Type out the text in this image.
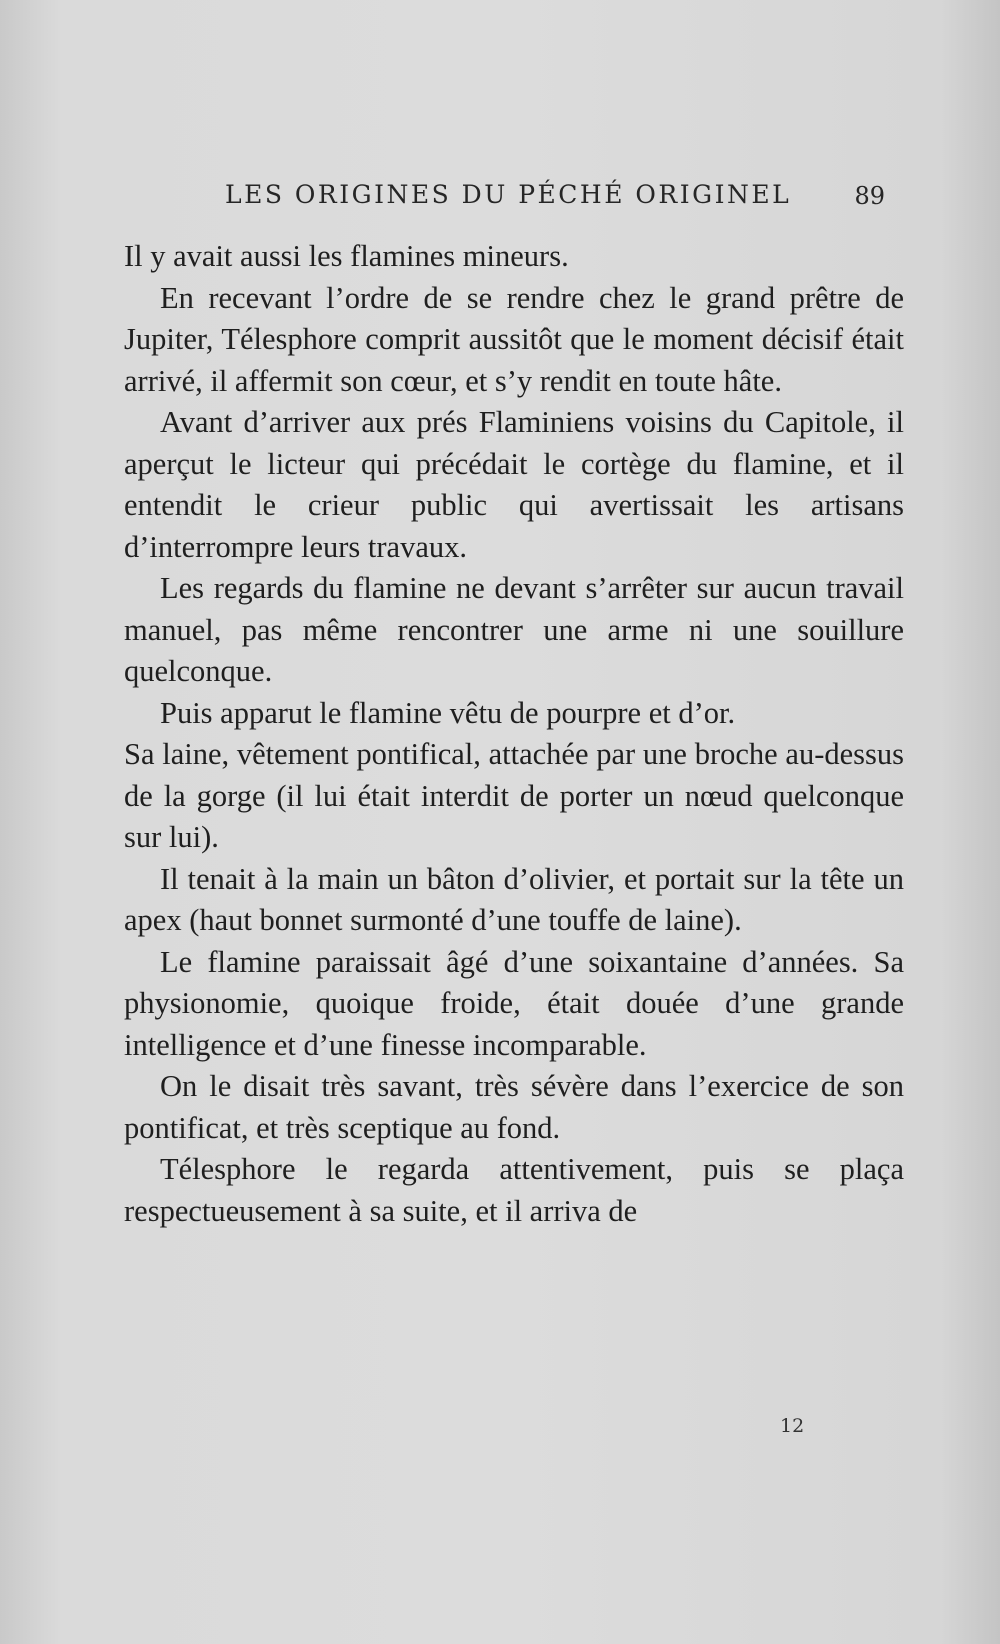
LES ORIGINES DU PÉCHÉ ORIGINEL	89

Il y avait aussi les flamines mineurs.

En recevant l’ordre de se rendre chez le grand prêtre de Jupiter, Télesphore comprit aussitôt que le moment décisif était arrivé, il affermit son cœur, et s’y rendit en toute hâte.

Avant d’arriver aux prés Flaminiens voisins du Capitole, il aperçut le licteur qui précédait le cortège du flamine, et il entendit le crieur public qui avertissait les artisans d’interrompre leurs travaux.

Les regards du flamine ne devant s’arrêter sur aucun travail manuel, pas même rencontrer une arme ni une souillure quelconque.

Puis apparut le flamine vêtu de pourpre et d’or.

Sa laine, vêtement pontifical, attachée par une broche au-dessus de la gorge (il lui était interdit de porter un nœud quelconque sur lui).

Il tenait à la main un bâton d’olivier, et portait sur la tête un apex (haut bonnet surmonté d’une touffe de laine).

Le flamine paraissait âgé d’une soixantaine d’années. Sa physionomie, quoique froide, était douée d’une grande intelligence et d’une finesse incomparable.

On le disait très savant, très sévère dans l’exercice de son pontificat, et très sceptique au fond.

Télesphore le regarda attentivement, puis se plaça respectueusement à sa suite, et il arriva de

12
